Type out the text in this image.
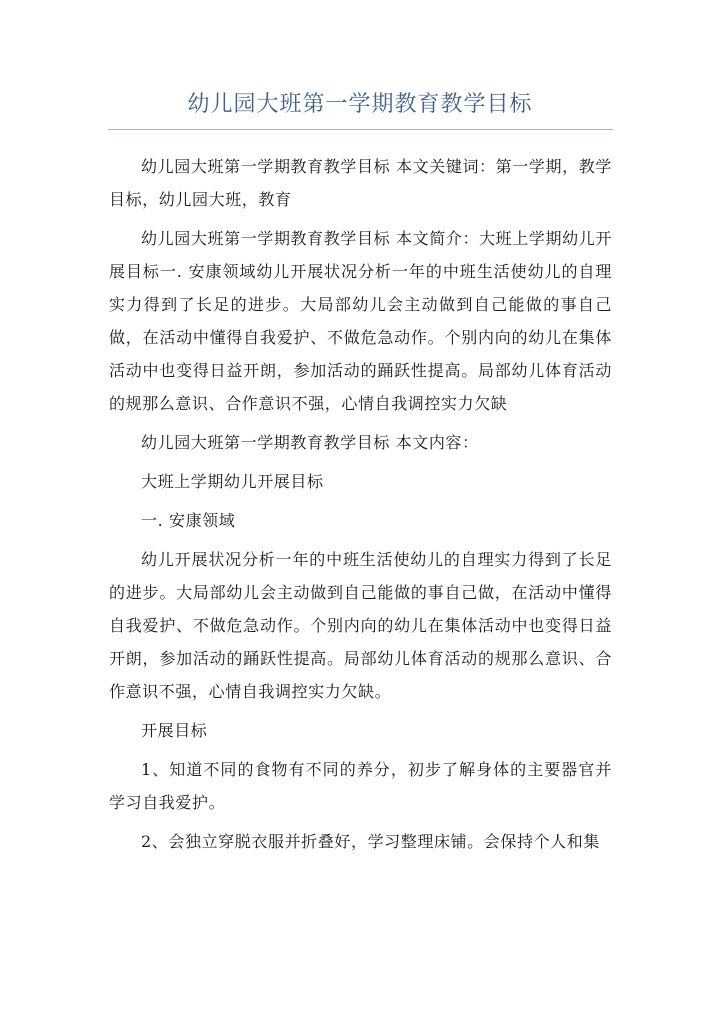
幼儿园大班第一学期教育教学目标

幼儿园大班第一学期教育教学目标 本文关键词：第一学期，教学目标，幼儿园大班，教育

幼儿园大班第一学期教育教学目标 本文简介：大班上学期幼儿开展目标一. 安康领域幼儿开展状况分析一年的中班生活使幼儿的自理实力得到了长足的进步。大局部幼儿会主动做到自己能做的事自己做，在活动中懂得自我爱护、不做危急动作。个别内向的幼儿在集体活动中也变得日益开朗，参加活动的踊跃性提高。局部幼儿体育活动的规那么意识、合作意识不强，心情自我调控实力欠缺

幼儿园大班第一学期教育教学目标 本文内容：

大班上学期幼儿开展目标

一. 安康领域

幼儿开展状况分析一年的中班生活使幼儿的自理实力得到了长足的进步。大局部幼儿会主动做到自己能做的事自己做，在活动中懂得自我爱护、不做危急动作。个别内向的幼儿在集体活动中也变得日益开朗，参加活动的踊跃性提高。局部幼儿体育活动的规那么意识、合作意识不强，心情自我调控实力欠缺。

开展目标

1、知道不同的食物有不同的养分，初步了解身体的主要器官并学习自我爱护。

2、会独立穿脱衣服并折叠好，学习整理床铺。会保持个人和集
